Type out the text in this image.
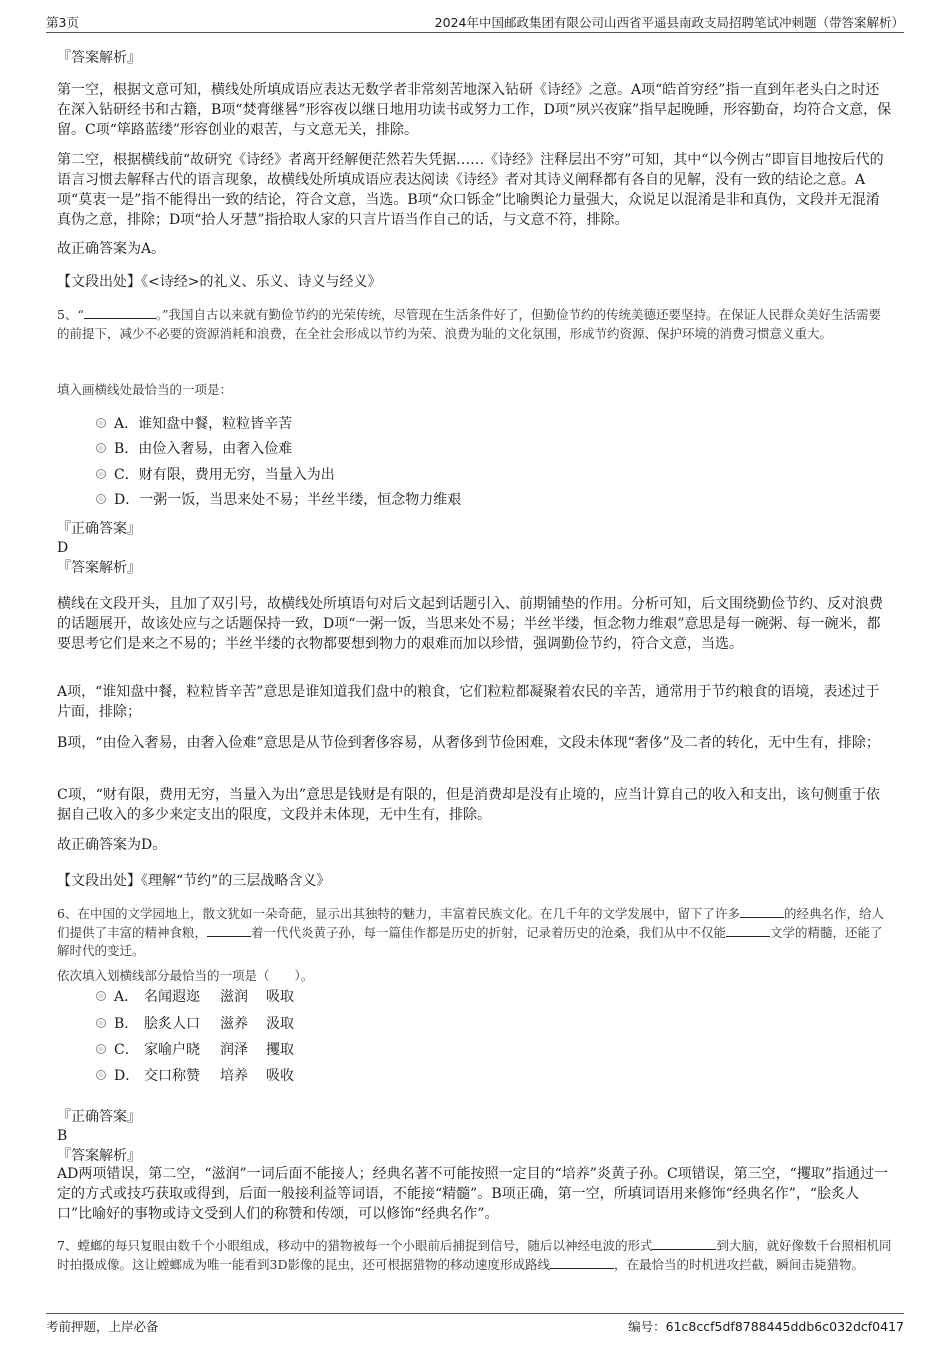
第3页	2024年中国邮政集团有限公司山西省平遥县南政支局招聘笔试冲刺题（带答案解析）
『答案解析』
第一空，根据文意可知，横线处所填成语应表达无数学者非常刻苦地深入钻研《诗经》之意。A项“皓首穷经”指一直到年老头白之时还在深入钻研经书和古籍，B项“焚膏继晷”形容夜以继日地用功读书或努力工作，D项“夙兴夜寐”指早起晚睡，形容勤奋，均符合文意，保留。C项“筚路蓝缕”形容创业的艰苦，与文意无关，排除。
第二空，根据横线前“故研究《诗经》者离开经解便茫然若失凭据……《诗经》注释层出不穷”可知，其中“以今例古”即盲目地按后代的语言习惯去解释古代的语言现象，故横线处所填成语应表达阅读《诗经》者对其诗义阐释都有各自的见解，没有一致的结论之意。A项“莫衷一是”指不能得出一致的结论，符合文意，当选。B项“众口铄金”比喻舆论力量强大，众说足以混淆是非和真伪，文段并无混淆真伪之意，排除；D项“拾人牙慧”指拾取人家的只言片语当作自己的话，与文意不符，排除。
故正确答案为A。
【文段出处】《<诗经>的礼义、乐义、诗义与经义》
5、“	。”我国自古以来就有勤俭节约的光荣传统，尽管现在生活条件好了，但勤俭节约的传统美德还要坚持。在保证人民群众美好生活需要的前提下，减少不必要的资源消耗和浪费，在全社会形成以节约为荣、浪费为耻的文化氛围，形成节约资源、保护环境的消费习惯意义重大。
填入画横线处最恰当的一项是：
A．谁知盘中餐，粒粒皆辛苦
B．由俭入奢易，由奢入俭难
C．财有限，费用无穷，当量入为出
D．一粥一饭，当思来处不易；半丝半缕，恒念物力维艰
『正确答案』
D
『答案解析』
横线在文段开头，且加了双引号，故横线处所填语句对后文起到话题引入、前期铺垫的作用。分析可知，后文围绕勤俭节约、反对浪费的话题展开，故该处应与之话题保持一致，D项“一粥一饭，当思来处不易；半丝半缕，恒念物力维艰”意思是每一碗粥、每一碗米，都要思考它们是来之不易的；半丝半缕的衣物都要想到物力的艰难而加以珍惜，强调勤俭节约，符合文意，当选。
A项，“谁知盘中餐，粒粒皆辛苦”意思是谁知道我们盘中的粮食，它们粒粒都凝聚着农民的辛苦，通常用于节约粮食的语境，表述过于片面，排除；
B项，“由俭入奢易，由奢入俭难”意思是从节俭到奢侈容易，从奢侈到节俭困难，文段未体现“奢侈”及二者的转化，无中生有，排除；
C项，“财有限，费用无穷，当量入为出”意思是钱财是有限的，但是消费却是没有止境的，应当计算自己的收入和支出，该句侧重于依据自己收入的多少来定支出的限度，文段并未体现，无中生有，排除。
故正确答案为D。
【文段出处】《理解“节约”的三层战略含义》
6、在中国的文学园地上，散文犹如一朵奇葩，显示出其独特的魅力，丰富着民族文化。在几千年的文学发展中，留下了许多	的经典名作，给人们提供了丰富的精神食粮，	着一代代炎黄子孙，每一篇佳作都是历史的折射，记录着历史的沧桑，我们从中不仅能	文学的精髓，还能了解时代的变迁。
依次填入划横线部分最恰当的一项是（　　）。
A． 名闻遐迩 滋润 吸取
B． 脍炙人口 滋养 汲取
C． 家喻户晓 润泽 攫取
D． 交口称赞 培养 吸收
『正确答案』
B
『答案解析』
AD两项错误，第二空，“滋润”一词后面不能接人；经典名著不可能按照一定目的“培养”炎黄子孙。C项错误，第三空，“攫取”指通过一定的方式或技巧获取或得到，后面一般接利益等词语，不能接“精髓”。B项正确，第一空，所填词语用来修饰“经典名作”，“脍炙人口”比喻好的事物或诗文受到人们的称赞和传颂，可以修饰“经典名作”。
7、螳螂的每只复眼由数千个小眼组成，移动中的猎物被每一个小眼前后捕捉到信号，随后以神经电波的形式	到大脑，就好像数千台照相机同时拍摄成像。这让螳螂成为唯一能看到3D影像的昆虫，还可根据猎物的移动速度形成路线	，在最恰当的时机进攻拦截，瞬间击毙猎物。
考前押题，上岸必备	编号：61c8ccf5df8788445ddb6c032dcf0417
